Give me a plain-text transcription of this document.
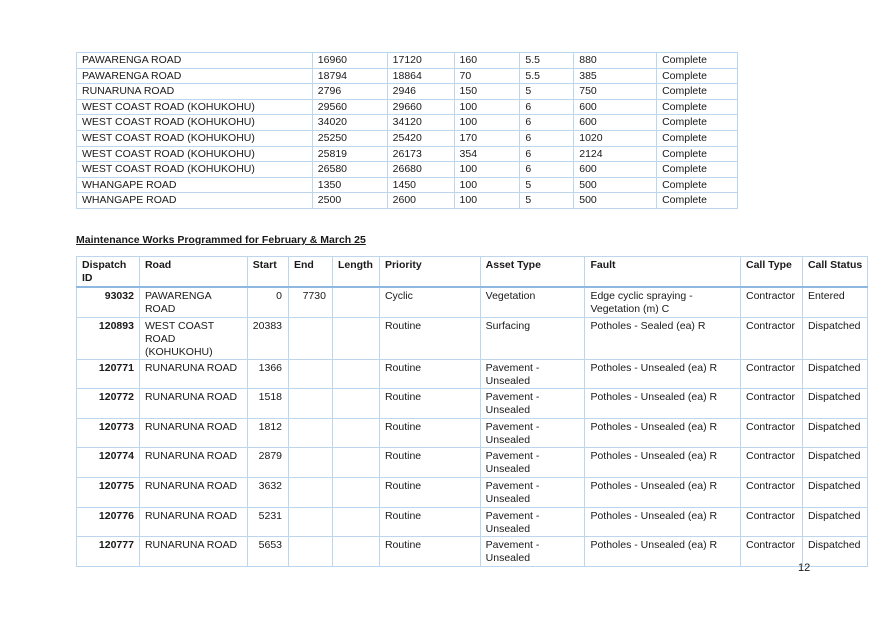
PAWARENGA ROAD	16960	17120	160	5.5	880	Complete
PAWARENGA ROAD	18794	18864	70	5.5	385	Complete
RUNARUNA ROAD	2796	2946	150	5	750	Complete
WEST COAST ROAD (KOHUKOHU)	29560	29660	100	6	600	Complete
WEST COAST ROAD (KOHUKOHU)	34020	34120	100	6	600	Complete
WEST COAST ROAD (KOHUKOHU)	25250	25420	170	6	1020	Complete
WEST COAST ROAD (KOHUKOHU)	25819	26173	354	6	2124	Complete
WEST COAST ROAD (KOHUKOHU)	26580	26680	100	6	600	Complete
WHANGAPE ROAD	1350	1450	100	5	500	Complete
WHANGAPE ROAD	2500	2600	100	5	500	Complete

Maintenance Works Programmed for February & March 25

Dispatch ID	Road	Start	End	Length	Priority	Asset Type	Fault	Call Type	Call Status
93032	PAWARENGA ROAD	0	7730		Cyclic	Vegetation	Edge cyclic spraying - Vegetation (m) C	Contractor	Entered
120893	WEST COAST ROAD (KOHUKOHU)	20383			Routine	Surfacing	Potholes - Sealed (ea) R	Contractor	Dispatched
120771	RUNARUNA ROAD	1366			Routine	Pavement - Unsealed	Potholes - Unsealed (ea) R	Contractor	Dispatched
120772	RUNARUNA ROAD	1518			Routine	Pavement - Unsealed	Potholes - Unsealed (ea) R	Contractor	Dispatched
120773	RUNARUNA ROAD	1812			Routine	Pavement - Unsealed	Potholes - Unsealed (ea) R	Contractor	Dispatched
120774	RUNARUNA ROAD	2879			Routine	Pavement - Unsealed	Potholes - Unsealed (ea) R	Contractor	Dispatched
120775	RUNARUNA ROAD	3632			Routine	Pavement - Unsealed	Potholes - Unsealed (ea) R	Contractor	Dispatched
120776	RUNARUNA ROAD	5231			Routine	Pavement - Unsealed	Potholes - Unsealed (ea) R	Contractor	Dispatched
120777	RUNARUNA ROAD	5653			Routine	Pavement - Unsealed	Potholes - Unsealed (ea) R	Contractor	Dispatched

12
